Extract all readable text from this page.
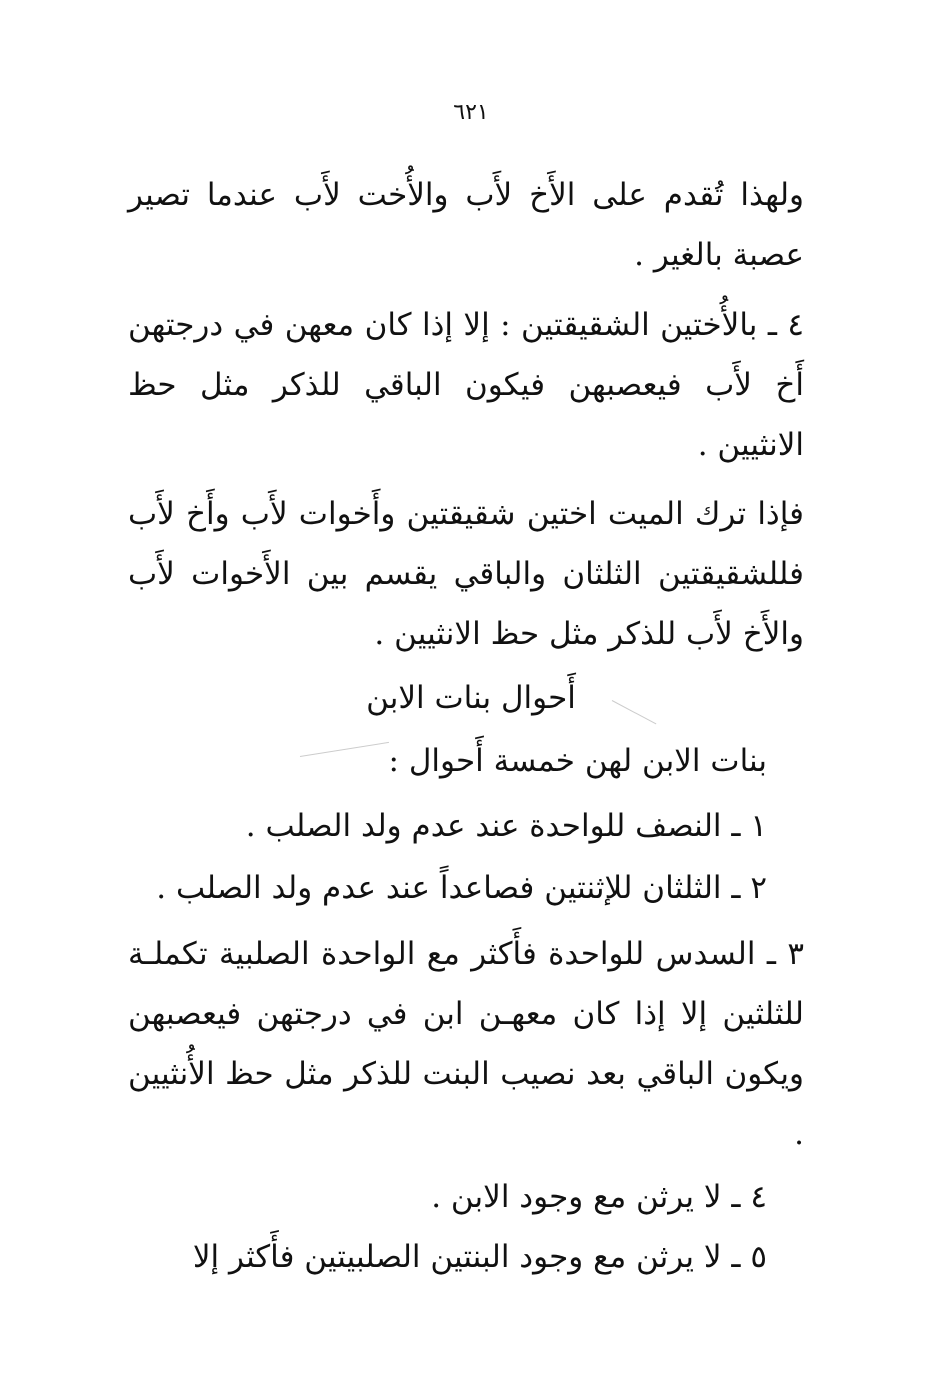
٦٢١

ولهذا تُقدم على الأَخ لأَب والأُخت لأَب عندما تصير عصبة بالغير .

٤ ـ بالأُختين الشقيقتين : إلا إذا كان معهن في درجتهن أَخ لأَب فيعصبهن فيكون الباقي للذكر مثل حظ الانثيين .

فإذا ترك الميت اختين شقيقتين وأَخوات لأَب وأَخ لأَب فللشقيقتين الثلثان والباقي يقسم بين الأَخوات لأَب والأَخ لأَب للذكر مثل حظ الانثيين .

أَحوال بنات الابن
بنات الابن لهن خمسة أَحوال :
١ ـ النصف للواحدة عند عدم ولد الصلب .
٢ ـ الثلثان للإثنتين فصاعداً عند عدم ولد الصلب .

٣ ـ السدس للواحدة فأَكثر مع الواحدة الصلبية تكملـة للثلثين إلا إذا كان معهـن ابن في درجتهن فيعصبهن ويكون الباقي بعد نصيب البنت للذكر مثل حظ الأُنثيين .

٤ ـ لا يرثن مع وجود الابن .
٥ ـ لا يرثن مع وجود البنتين الصلبيتين فأَكثر إلا
